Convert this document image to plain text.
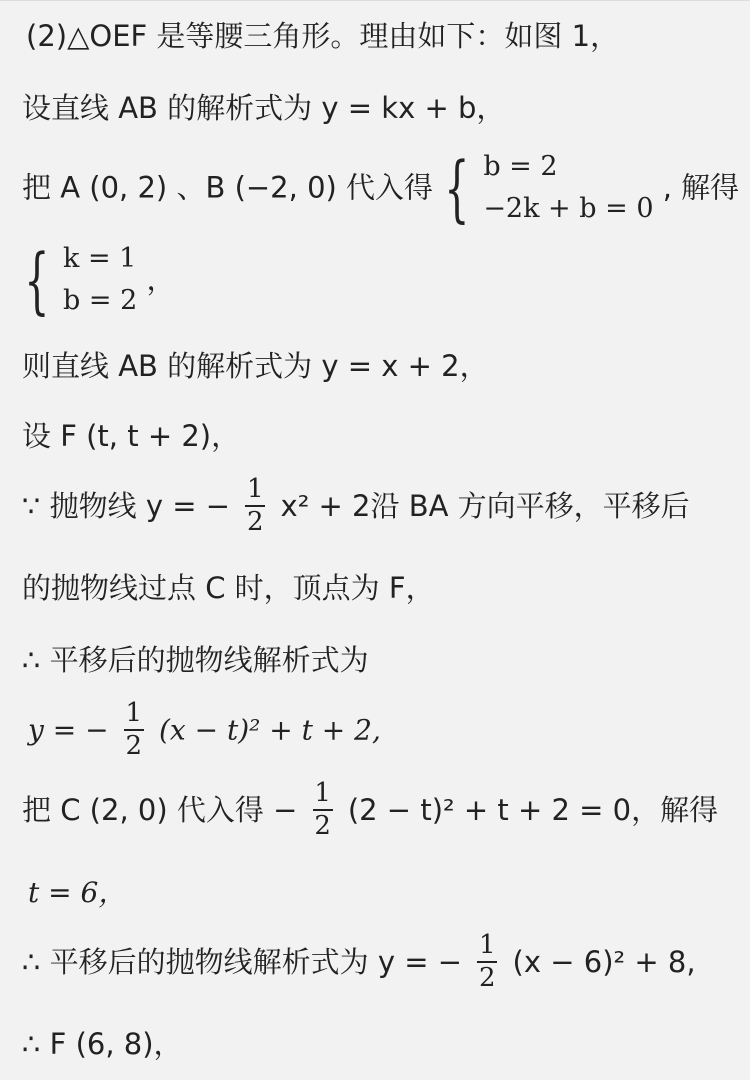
(2)△OEF 是等腰三角形。理由如下：如图 1，
设直线 AB 的解析式为 y = kx + b，
把 A (0, 2) 、B (−2, 0) 代入得 { b = 2
−2k + b = 0
, 解得
{ k = 1
b = 2
，
则直线 AB 的解析式为 y = x + 2，
设 F (t, t + 2)，
∵ 抛物线 y = − $\frac{1}{2} x^2 + 2$沿 BA 方向平移，平移后
的抛物线过点 C 时，顶点为 F，
∴ 平移后的抛物线解析式为
y = − $\frac{1}{2} (x - t)^2 + t + 2$,
把 C (2, 0) 代入得 − $\frac{1}{2} (2 - t)^2 + t + 2 = 0$，解得
t = 6，
∴ 平移后的抛物线解析式为 y = − $\frac{1}{2} (x - 6)^2 + 8$,
∴ F (6, 8)，
